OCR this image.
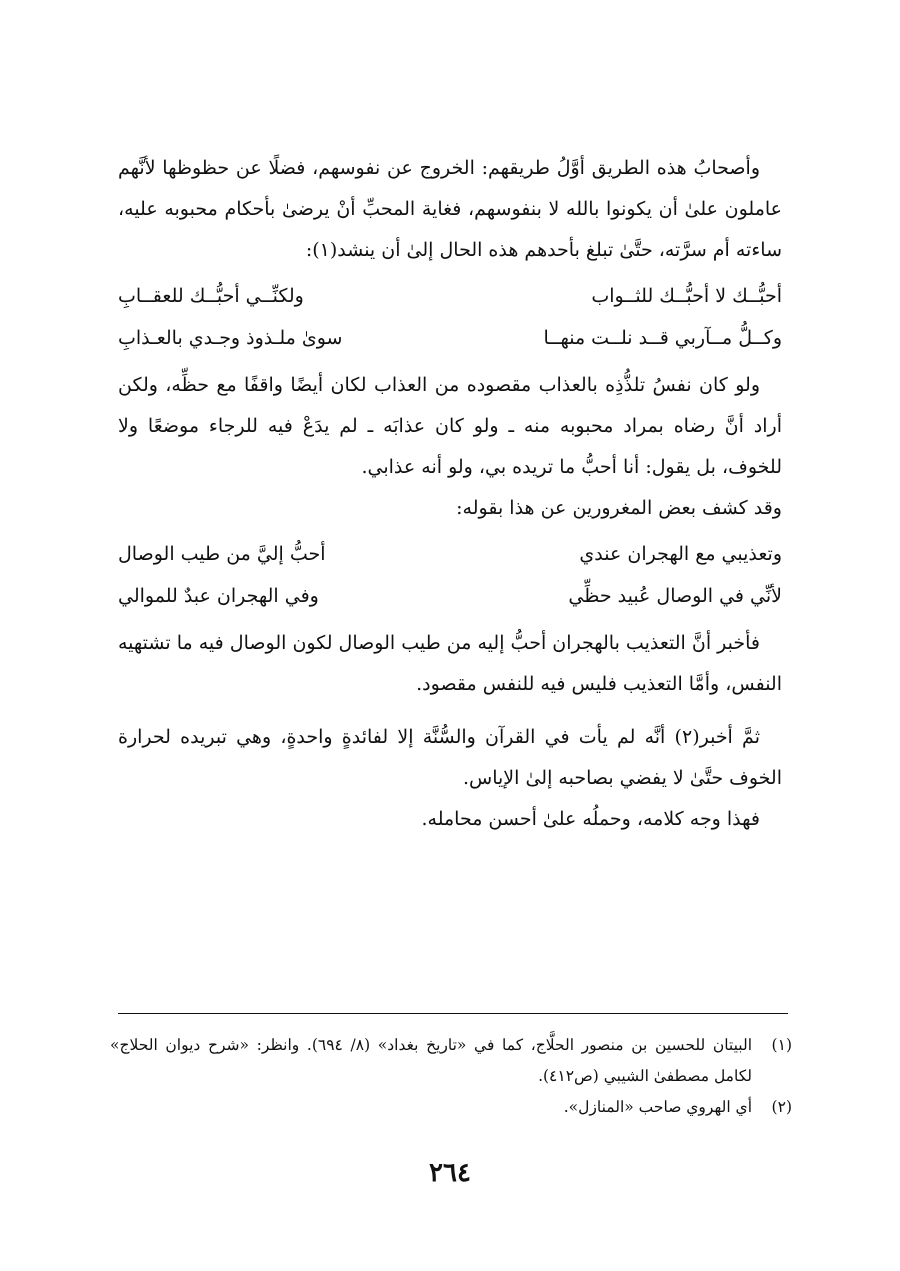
وأصحابُ هذه الطريق أوَّلُ طريقهم: الخروج عن نفوسهم، فضلًا عن حظوظها لأنَّهم عاملون علىٰ أن يكونوا بالله لا بنفوسهم، فغاية المحبِّ أنْ يرضىٰ بأحكام محبوبه عليه، ساءته أم سرَّته، حتَّىٰ تبلغ بأحدهم هذه الحال إلىٰ أن ينشد(١):

أحبُّــك لا أحبُّــك للثــواب
ولكنِّــي أحبُّــك للعقــابِ
وكــلُّ مــآربي قــد نلــت منهــا
سوىٰ ملـذوذ وجـدي بالعـذابِ

ولو كان نفسُ تلذُّذِه بالعذاب مقصوده من العذاب لكان أيضًا واقفًا مع حظِّه، ولكن أراد أنَّ رضاه بمراد محبوبه منه ـ ولو كان عذابَه ـ لم يدَعْ فيه للرجاء موضعًا ولا للخوف، بل يقول: أنا أحبُّ ما تريده بي، ولو أنه عذابي.

وقد كشف بعض المغرورين عن هذا بقوله:

وتعذيبي مع الهجران عندي
أحبُّ إليَّ من طيب الوصال
لأنِّي في الوصال عُبيد حظِّي
وفي الهجران عبدٌ للموالي

فأخبر أنَّ التعذيب بالهجران أحبُّ إليه من طيب الوصال لكون الوصال فيه ما تشتهيه النفس، وأمَّا التعذيب فليس فيه للنفس مقصود.

ثمَّ أخبر(٢) أنَّه لم يأت في القرآن والسُّنَّة إلا لفائدةٍ واحدةٍ، وهي تبريده لحرارة الخوف حتَّىٰ لا يفضي بصاحبه إلىٰ الإياس.

فهذا وجه كلامه، وحملُه علىٰ أحسن محامله.

(١)
البيتان للحسين بن منصور الحلَّاج، كما في «تاريخ بغداد» (٨/ ٦٩٤). وانظر: «شرح ديوان الحلاج» لكامل مصطفىٰ الشيبي (ص٤١٢).
(٢)
أي الهروي صاحب «المنازل».
٢٦٤
